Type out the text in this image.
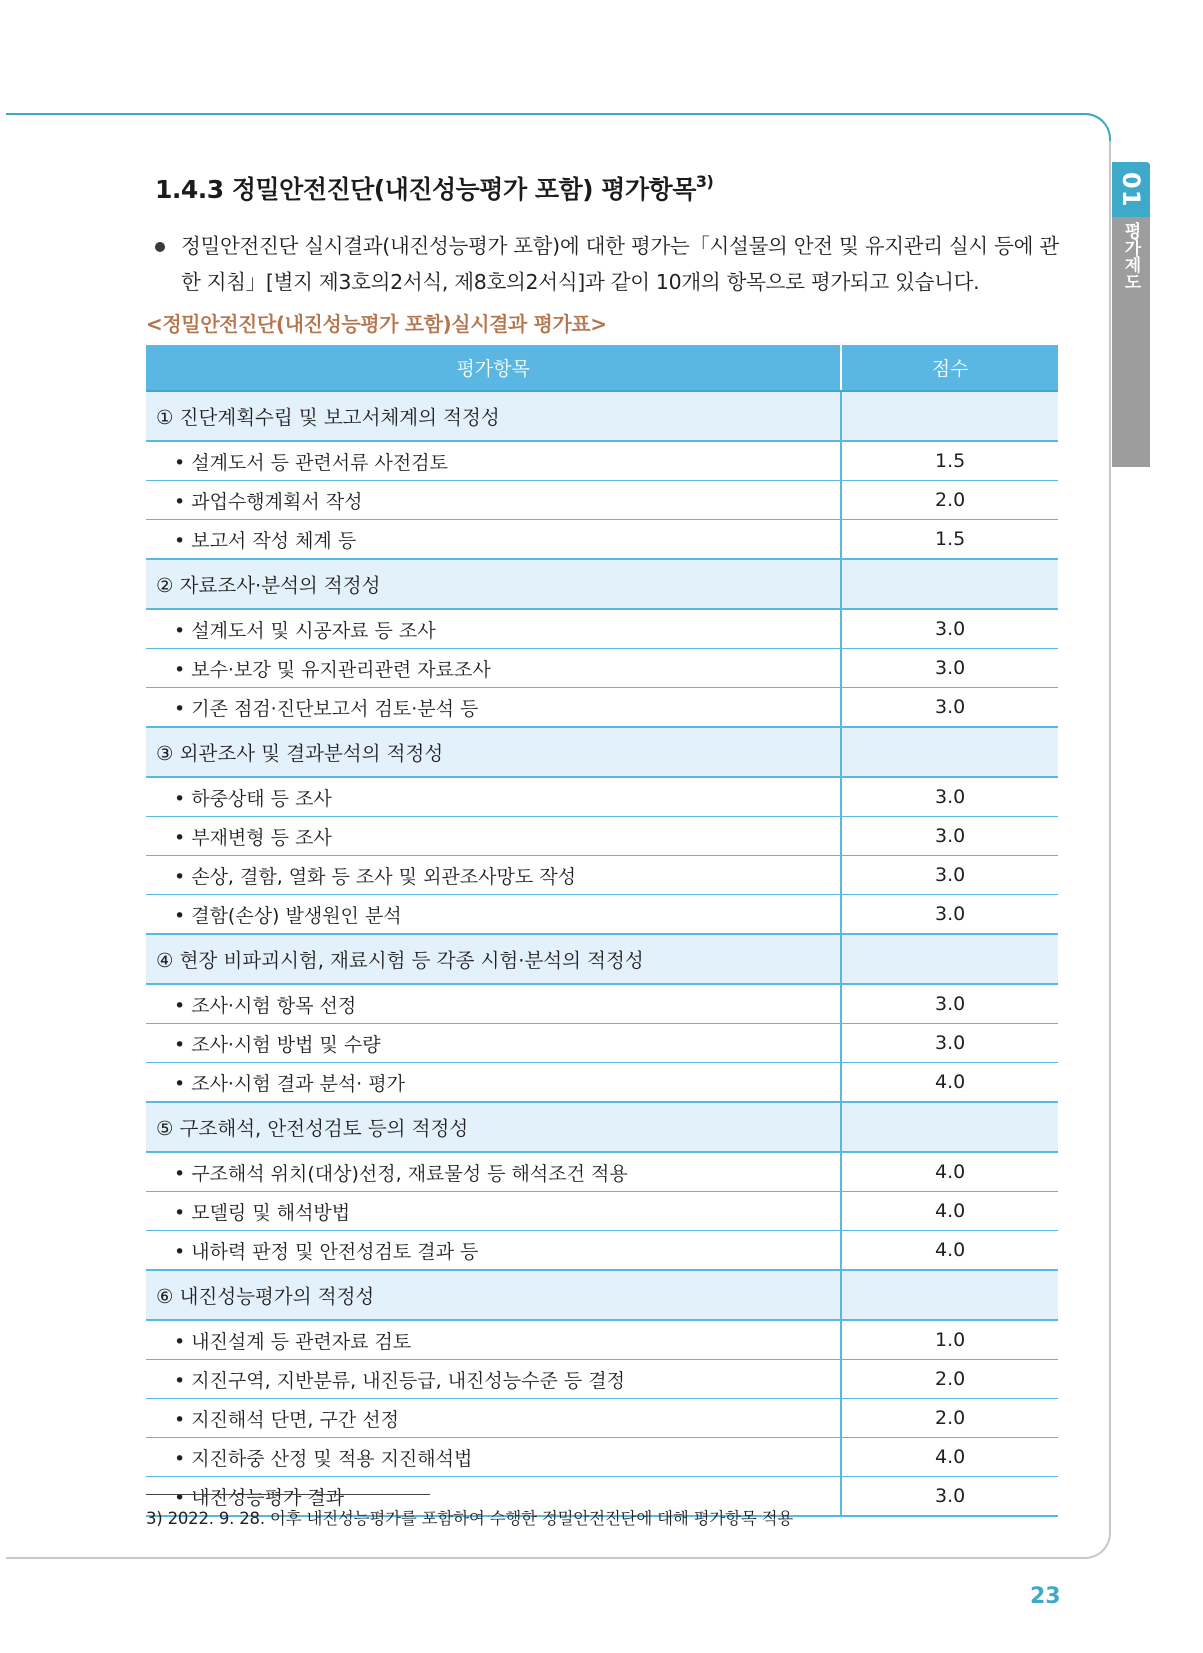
01
평가제도
1.4.3 정밀안전진단(내진성능평가 포함) 평가항목$^{3)}$
정밀안전진단 실시결과(내진성능평가 포함)에 대한 평가는「시설물의 안전 및 유지관리 실시 등에 관한 지침」[별지 제3호의2서식, 제8호의2서식]과 같이 10개의 항목으로 평가되고 있습니다.
<정밀안전진단(내진성능평가 포함)실시결과 평가표>
평가항목	점수
① 진단계획수립 및 보고서체계의 적정성	
• 설계도서 등 관련서류 사전검토	1.5
• 과업수행계획서 작성	2.0
• 보고서 작성 체계 등	1.5
② 자료조사·분석의 적정성	
• 설계도서 및 시공자료 등 조사	3.0
• 보수·보강 및 유지관리관련 자료조사	3.0
• 기존 점검·진단보고서 검토·분석 등	3.0
③ 외관조사 및 결과분석의 적정성	
• 하중상태 등 조사	3.0
• 부재변형 등 조사	3.0
• 손상, 결함, 열화 등 조사 및 외관조사망도 작성	3.0
• 결함(손상) 발생원인 분석	3.0
④ 현장 비파괴시험, 재료시험 등 각종 시험·분석의 적정성	
• 조사·시험 항목 선정	3.0
• 조사·시험 방법 및 수량	3.0
• 조사·시험 결과 분석· 평가	4.0
⑤ 구조해석, 안전성검토 등의 적정성	
• 구조해석 위치(대상)선정, 재료물성 등 해석조건 적용	4.0
• 모델링 및 해석방법	4.0
• 내하력 판정 및 안전성검토 결과 등	4.0
⑥ 내진성능평가의 적정성	
• 내진설계 등 관련자료 검토	1.0
• 지진구역, 지반분류, 내진등급, 내진성능수준 등 결정	2.0
• 지진해석 단면, 구간 선정	2.0
• 지진하중 산정 및 적용 지진해석법	4.0
• 내진성능평가 결과	3.0
3) 2022. 9. 28. 이후 내진성능평가를 포함하여 수행한 정밀안전진단에 대해 평가항목 적용
23
